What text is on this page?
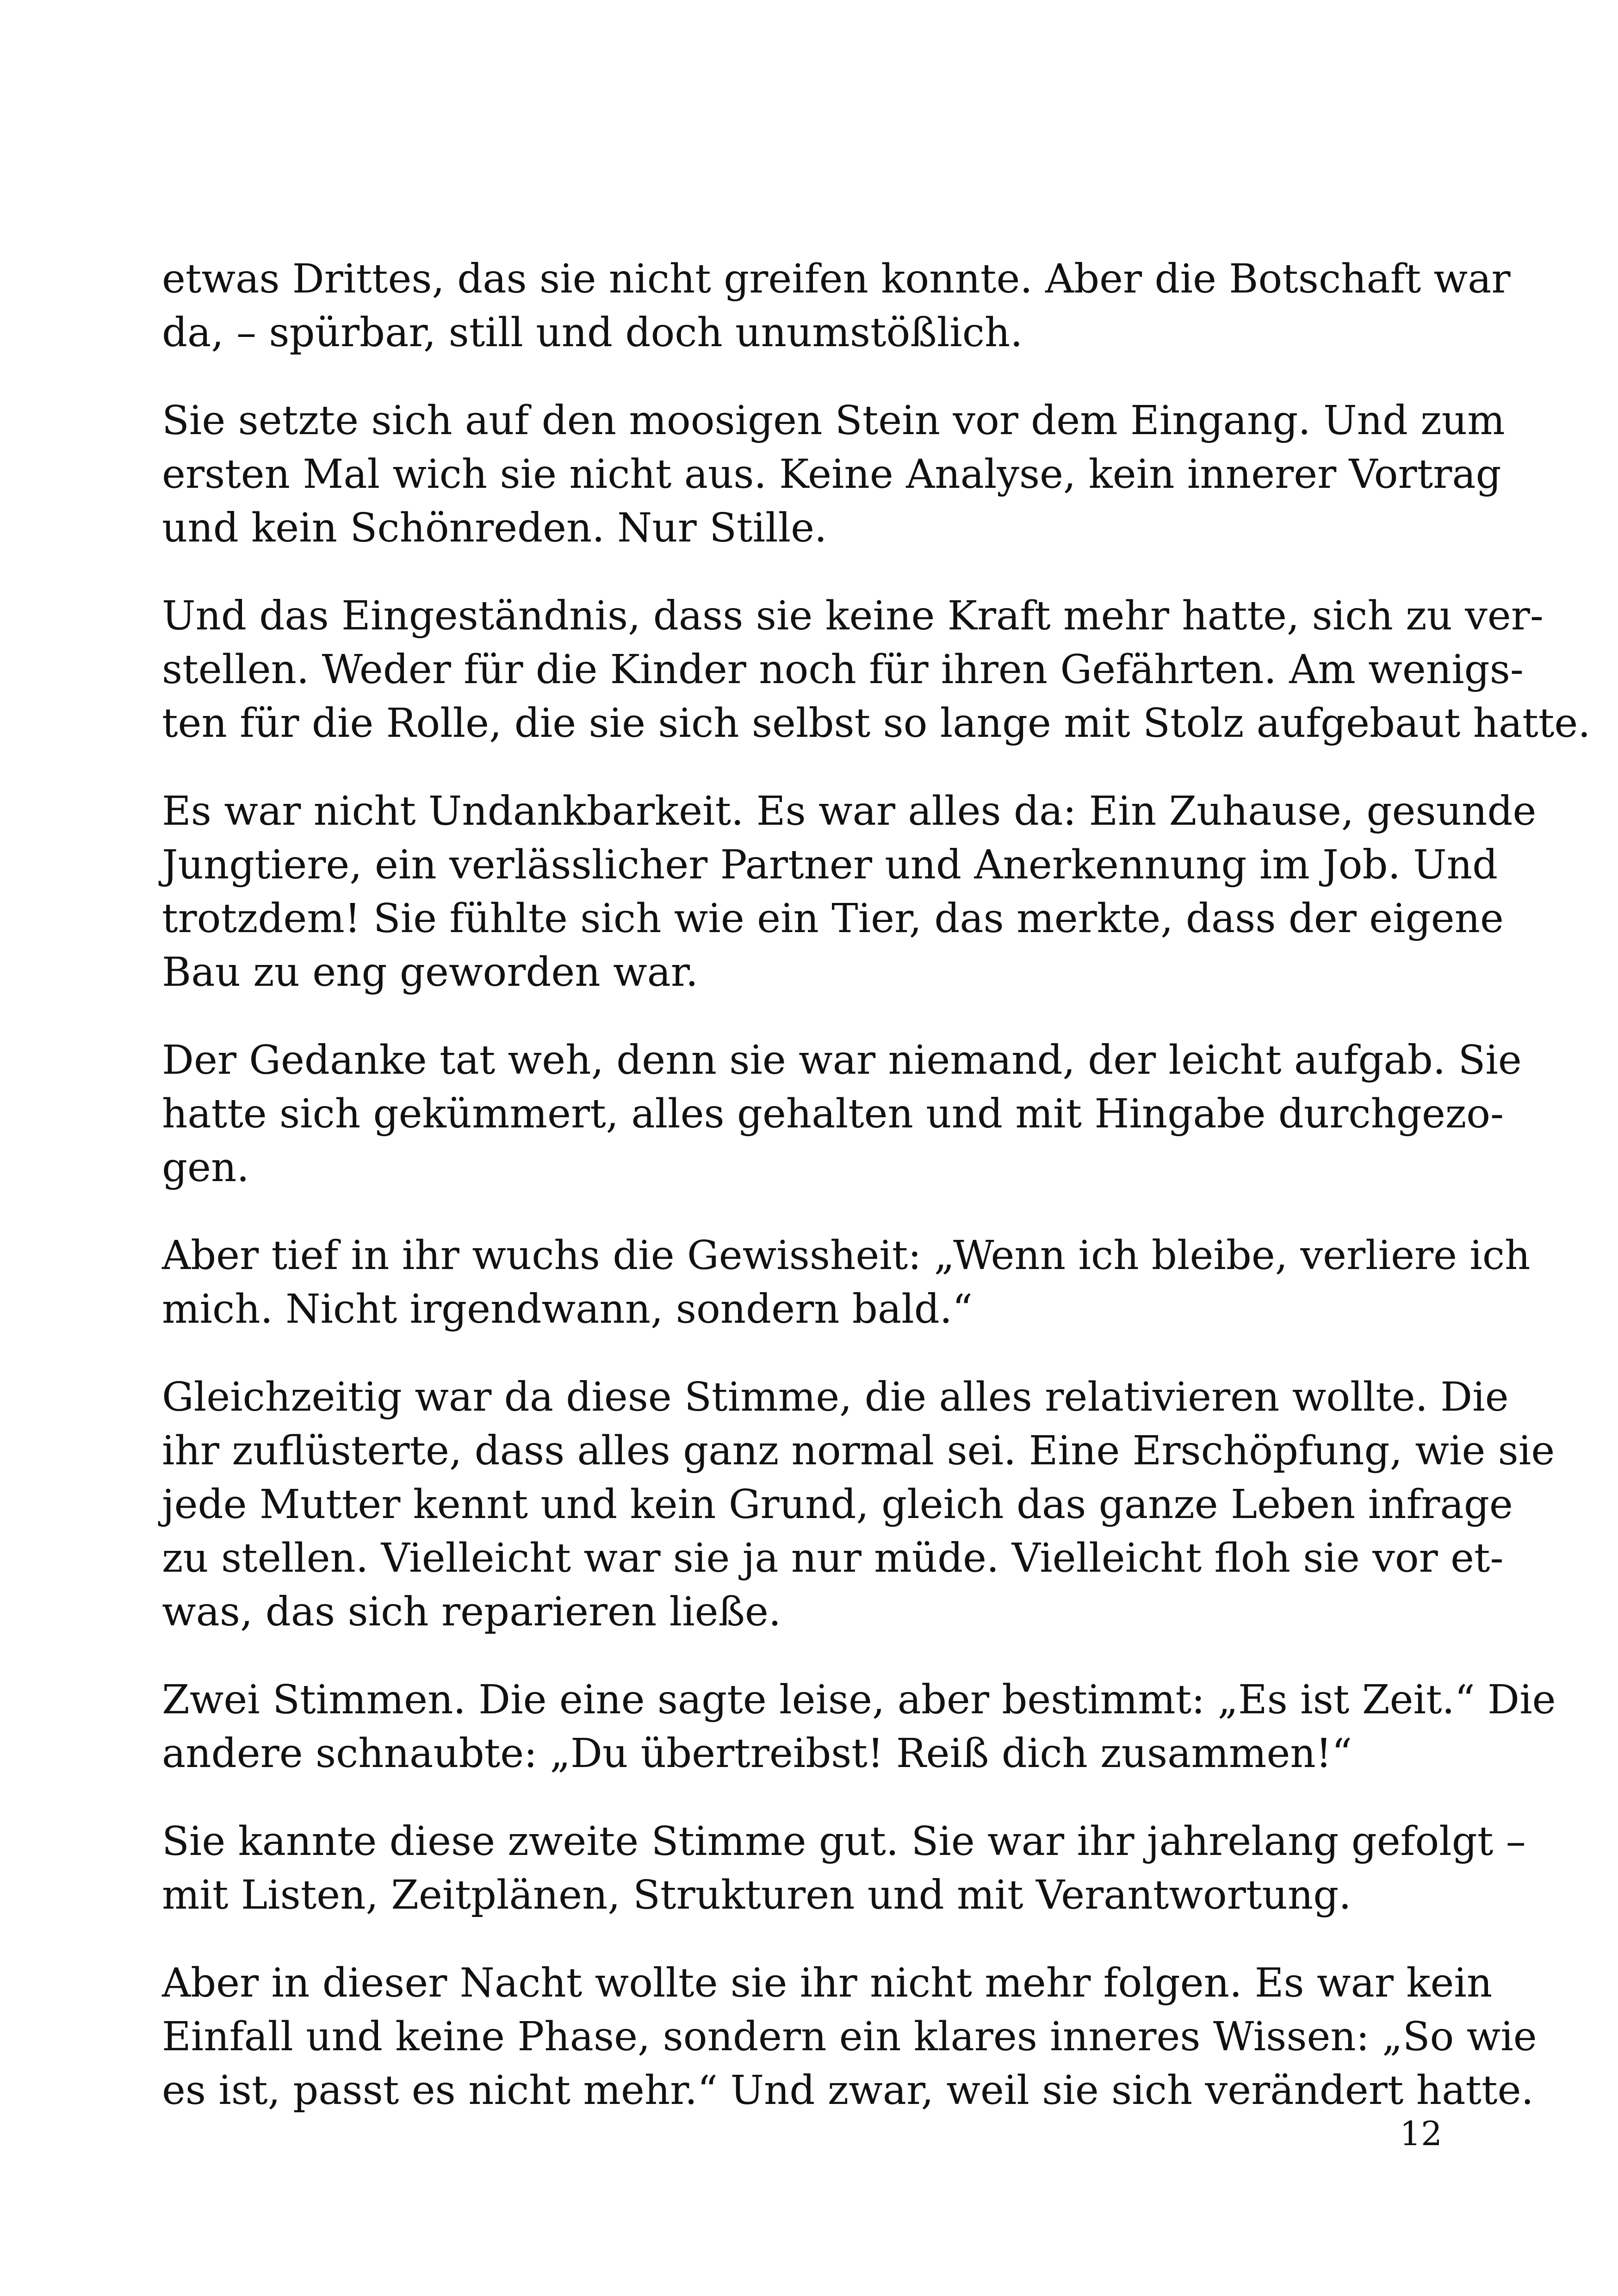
etwas Drittes, das sie nicht greifen konnte. Aber die Botschaft war
da, – spürbar, still und doch unumstößlich.

Sie setzte sich auf den moosigen Stein vor dem Eingang. Und zum
ersten Mal wich sie nicht aus. Keine Analyse, kein innerer Vortrag
und kein Schönreden. Nur Stille.

Und das Eingeständnis, dass sie keine Kraft mehr hatte, sich zu ver-
stellen. Weder für die Kinder noch für ihren Gefährten. Am wenigs-
ten für die Rolle, die sie sich selbst so lange mit Stolz aufgebaut hatte.

Es war nicht Undankbarkeit. Es war alles da: Ein Zuhause, gesunde
Jungtiere, ein verlässlicher Partner und Anerkennung im Job. Und
trotzdem! Sie fühlte sich wie ein Tier, das merkte, dass der eigene
Bau zu eng geworden war.

Der Gedanke tat weh, denn sie war niemand, der leicht aufgab. Sie
hatte sich gekümmert, alles gehalten und mit Hingabe durchgezo-
gen.

Aber tief in ihr wuchs die Gewissheit: „Wenn ich bleibe, verliere ich
mich. Nicht irgendwann, sondern bald.“

Gleichzeitig war da diese Stimme, die alles relativieren wollte. Die
ihr zuflüsterte, dass alles ganz normal sei. Eine Erschöpfung, wie sie
jede Mutter kennt und kein Grund, gleich das ganze Leben infrage
zu stellen. Vielleicht war sie ja nur müde. Vielleicht floh sie vor et-
was, das sich reparieren ließe.

Zwei Stimmen. Die eine sagte leise, aber bestimmt: „Es ist Zeit.“ Die
andere schnaubte: „Du übertreibst! Reiß dich zusammen!“

Sie kannte diese zweite Stimme gut. Sie war ihr jahrelang gefolgt –
mit Listen, Zeitplänen, Strukturen und mit Verantwortung.

Aber in dieser Nacht wollte sie ihr nicht mehr folgen. Es war kein
Einfall und keine Phase, sondern ein klares inneres Wissen: „So wie
es ist, passt es nicht mehr.“ Und zwar, weil sie sich verändert hatte.

12
